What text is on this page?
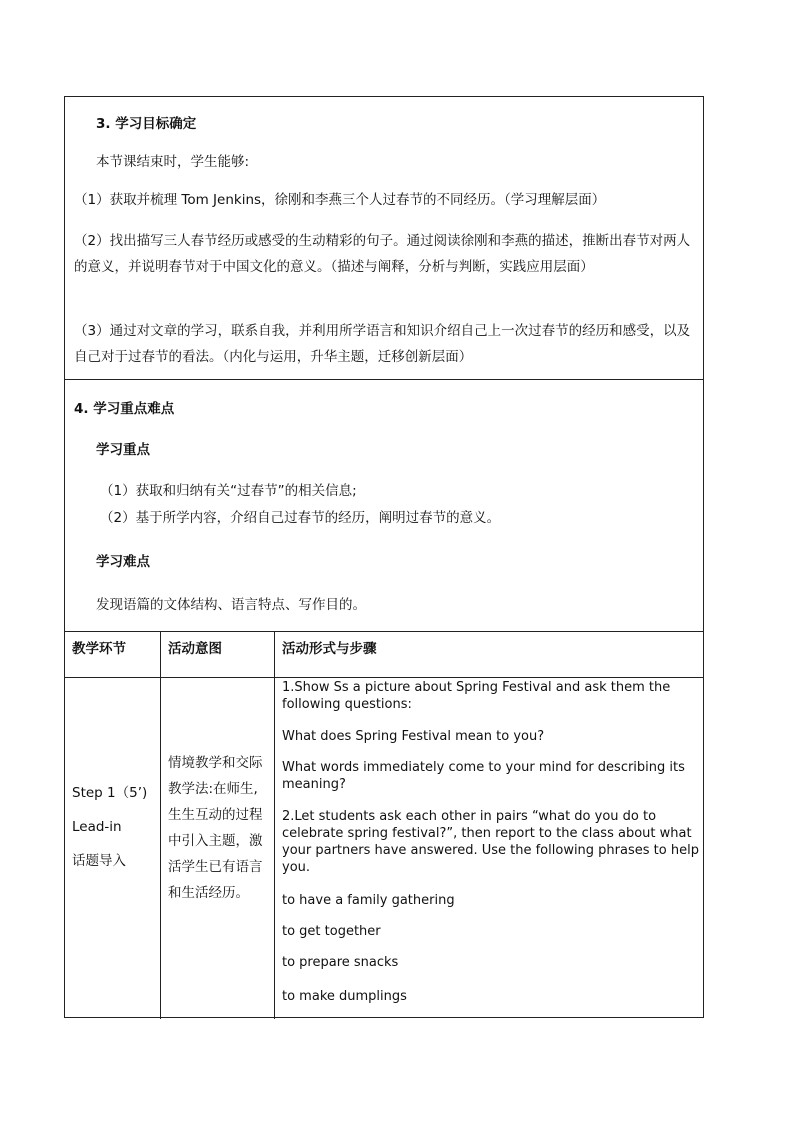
3. 学习目标确定
本节课结束时，学生能够:
（1）获取并梳理 Tom Jenkins，徐刚和李燕三个人过春节的不同经历。（学习理解层面）
（2）找出描写三人春节经历或感受的生动精彩的句子。通过阅读徐刚和李燕的描述，推断出春节对两人的意义，并说明春节对于中国文化的意义。（描述与阐释，分析与判断，实践应用层面）
（3）通过对文章的学习，联系自我，并利用所学语言和知识介绍自己上一次过春节的经历和感受，以及自己对于过春节的看法。（内化与运用，升华主题，迁移创新层面）
4. 学习重点难点
学习重点
（1）获取和归纳有关“过春节”的相关信息;
（2）基于所学内容，介绍自己过春节的经历，阐明过春节的意义。
学习难点
发现语篇的文体结构、语言特点、写作目的。
教学环节	活动意图	活动形式与步骤
Step 1（5’)
Lead-in
话题导入
情境教学和交际教学法:在师生,生生互动的过程中引入主题，激活学生已有语言和生活经历。
1.Show Ss a picture about Spring Festival and ask them the following questions:
What does Spring Festival mean to you?
What words immediately come to your mind for describing its meaning?
2.Let students ask each other in pairs “what do you do to celebrate spring festival?”, then report to the class about what your partners have answered. Use the following phrases to help you.
to have a family gathering
to get together
to prepare snacks
to make dumplings
